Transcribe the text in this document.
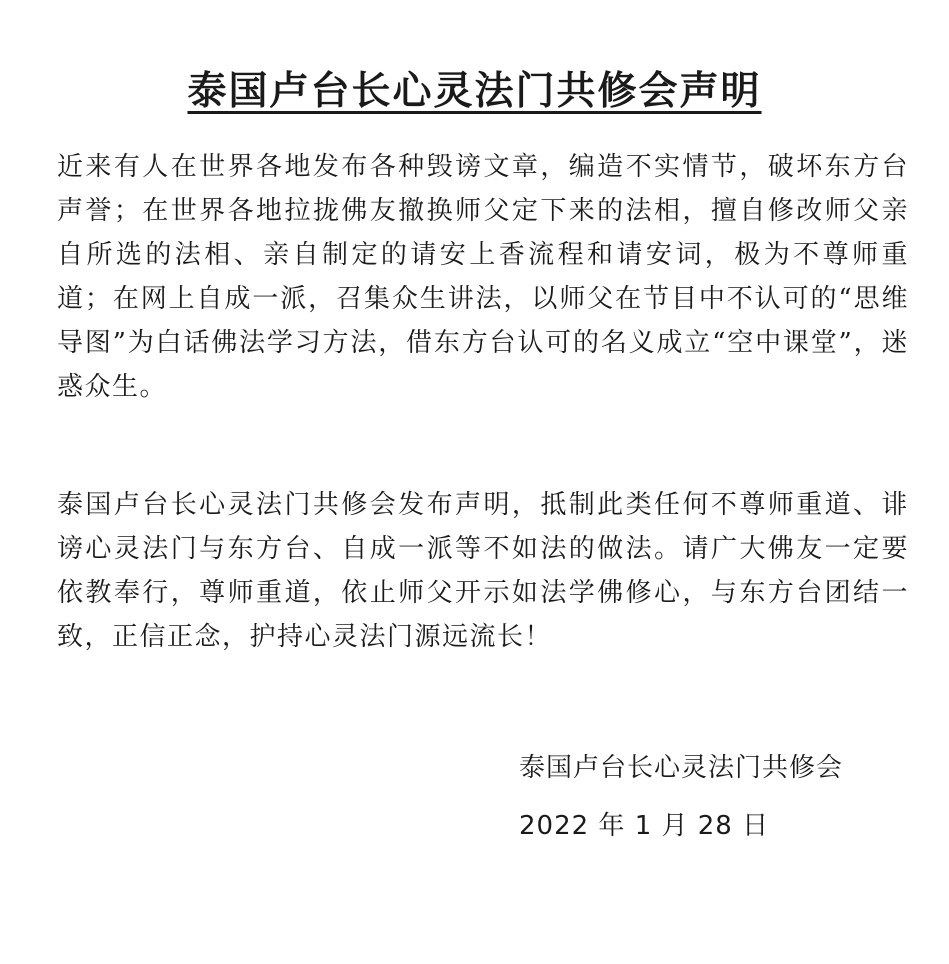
泰国卢台长心灵法门共修会声明

近来有人在世界各地发布各种毁谤文章，编造不实情节，破坏东方台声誉；在世界各地拉拢佛友撤换师父定下来的法相，擅自修改师父亲自所选的法相、亲自制定的请安上香流程和请安词，极为不尊师重道；在网上自成一派，召集众生讲法，以师父在节目中不认可的“思维导图”为白话佛法学习方法，借东方台认可的名义成立“空中课堂”，迷惑众生。

泰国卢台长心灵法门共修会发布声明，抵制此类任何不尊师重道、诽谤心灵法门与东方台、自成一派等不如法的做法。请广大佛友一定要依教奉行，尊师重道，依止师父开示如法学佛修心，与东方台团结一致，正信正念，护持心灵法门源远流长！

泰国卢台长心灵法门共修会

2022 年 1 月 28 日
